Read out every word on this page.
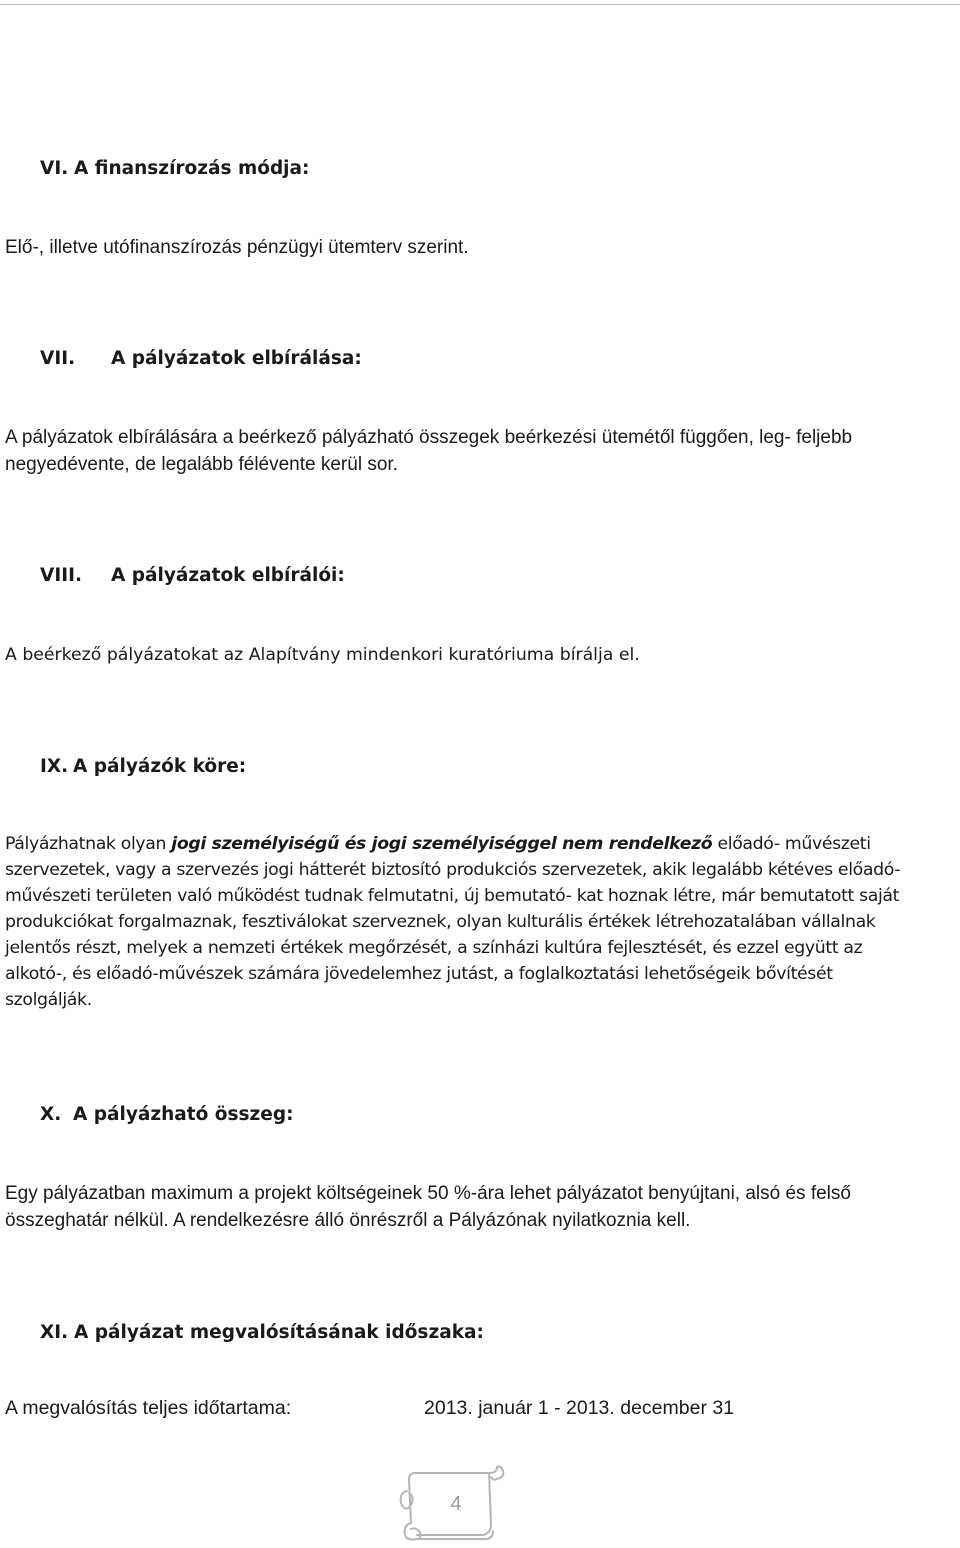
VI. A finanszírozás módja:

Elő-, illetve utófinanszírozás pénzügyi ütemterv szerint.

VII. A pályázatok elbírálása:

A pályázatok elbírálására a beérkező pályázható összegek beérkezési ütemétől függően, leg- feljebb negyedévente, de legalább félévente kerül sor.

VIII. A pályázatok elbírálói:

A beérkező pályázatokat az Alapítvány mindenkori kuratóriuma bírálja el.

IX. A pályázók köre:

Pályázhatnak olyan jogi személyiségű és jogi személyiséggel nem rendelkező előadó- művészeti szervezetek, vagy a szervezés jogi hátterét biztosító produkciós szervezetek, akik legalább kétéves előadó-művészeti területen való működést tudnak felmutatni, új bemutató- kat hoznak létre, már bemutatott saját produkciókat forgalmaznak, fesztiválokat szerveznek, olyan kulturális értékek létrehozatalában vállalnak jelentős részt, melyek a nemzeti értékek megőrzését, a színházi kultúra fejlesztését, és ezzel együtt az alkotó-, és előadó-művészek számára jövedelemhez jutást, a foglalkoztatási lehetőségeik bővítését szolgálják.

X. A pályázható összeg:

Egy pályázatban maximum a projekt költségeinek 50 %-ára lehet pályázatot benyújtani, alsó és felső összeghatár nélkül. A rendelkezésre álló önrészről a Pályázónak nyilatkoznia kell.

XI. A pályázat megvalósításának időszaka:
A megvalósítás teljes időtartama:	2013. január 1 - 2013. december 31
4
